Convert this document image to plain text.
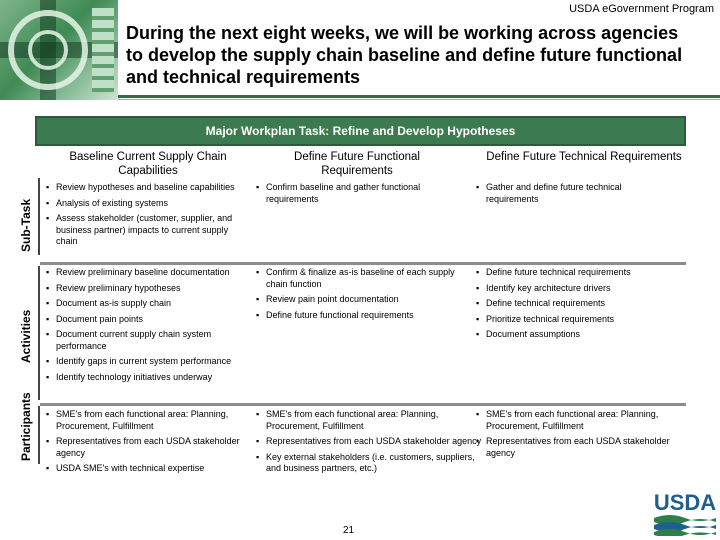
USDA eGovernment Program
During the next eight weeks, we will be working across agencies to develop the supply chain baseline and define future functional and technical requirements
Major Workplan Task: Refine and Develop Hypotheses
Baseline Current Supply Chain Capabilities
Define Future Functional Requirements
Define Future Technical Requirements
Sub-Task
Activities
Participants
▪ Review hypotheses and baseline capabilities
▪ Analysis of existing systems
▪ Assess stakeholder (customer, supplier, and business partner) impacts to current supply chain
▪ Confirm baseline and gather functional requirements
▪ Gather and define future technical requirements
▪ Review preliminary baseline documentation
▪ Review preliminary hypotheses
▪ Document as-is supply chain
▪ Document pain points
▪ Document current supply chain system performance
▪ Identify gaps in current system performance
▪ Identify technology initiatives underway
▪ Confirm & finalize as-is baseline of each supply chain function
▪ Review pain point documentation
▪ Define future functional requirements
▪ Define future technical requirements
▪ Identify key architecture drivers
▪ Define technical requirements
▪ Prioritize technical requirements
▪ Document assumptions
▪ SME's from each functional area: Planning, Procurement, Fulfillment
▪ Representatives from each USDA stakeholder agency
▪ USDA SME's with technical expertise
▪ SME's from each functional area: Planning, Procurement, Fulfillment
▪ Representatives from each USDA stakeholder agency
▪ Key external stakeholders (i.e. customers, suppliers, and business partners, etc.)
▪ SME's from each functional area: Planning, Procurement, Fulfillment
▪ Representatives from each USDA stakeholder agency
21
USDA
